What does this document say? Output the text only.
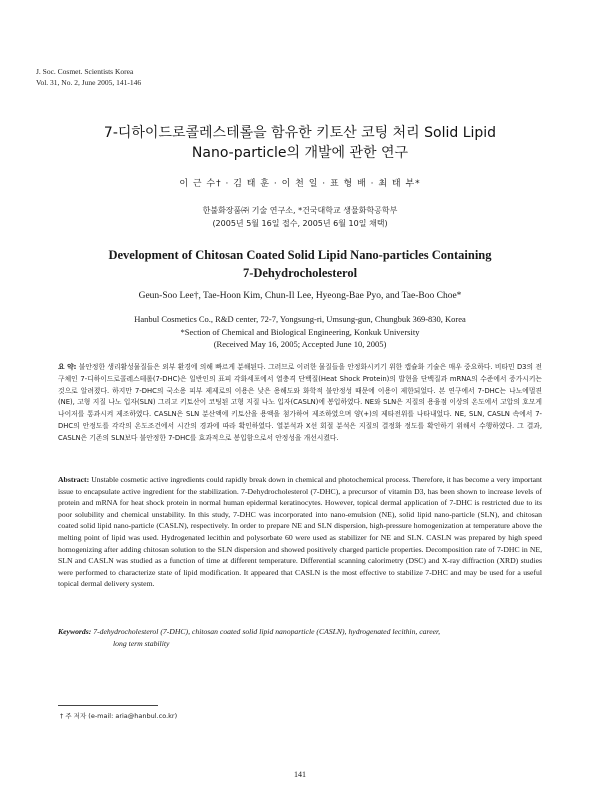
J. Soc. Cosmet. Scientists Korea
Vol. 31, No. 2, June 2005, 141-146
7-디하이드로콜레스테롤을 함유한 키토산 코팅 처리 Solid Lipid
Nano-particle의 개발에 관한 연구
이 근 수† · 김 태 훈 · 이 천 일 · 표 형 배 · 최 태 부*
한불화장품㈜ 기술 연구소, *건국대학교 생물화학공학부
(2005년 5월 16일 접수, 2005년 6월 10일 채택)
Development of Chitosan Coated Solid Lipid Nano-particles Containing
7-Dehydrocholesterol
Geun-Soo Lee†, Tae-Hoon Kim, Chun-Il Lee, Hyeong-Bae Pyo, and Tae-Boo Choe*
Hanbul Cosmetics Co., R&D center, 72-7, Yongsung-ri, Umsung-gun, Chungbuk 369-830, Korea
*Section of Chemical and Biological Engineering, Konkuk University
(Received May 16, 2005; Accepted June 10, 2005)

요 약: 불안정한 생리활성물질들은 외부 환경에 의해 빠르게 분해된다. 그러므로 이러한 물질들을 안정화시키기 위한 캡슐화 기술은 매우 중요하다. 비타민 D3의 전구체인 7-디하이드로콜레스테롤(7-DHC)은 일반인의 표피 각화세포에서 열충격 단백질(Heat Shock Protein)의 발현을 단백질과 mRNA의 수준에서 증가시키는 것으로 알려졌다. 하지만 7-DHC의 국소용 피부 제제로의 이용은 낮은 용해도와 화학적 불안정성 때문에 이용이 제한되었다. 본 연구에서 7-DHC는 나노에멀젼(NE), 고형 지질 나노 입자(SLN) 그리고 키토산이 코팅된 고형 지질 나노 입자(CASLN)에 봉입하였다. NE와 SLN은 지질의 용융점 이상의 온도에서 고압의 호모게나이저를 통과시켜 제조하였다. CASLN은 SLN 분산액에 키토산을 용액을 첨가하여 제조하였으며 양(+)의 제타전위를 나타내었다. NE, SLN, CASLN 속에서 7-DHC의 안정도를 각각의 온도조건에서 시간의 경과에 따라 확인하였다. 열분석과 X선 회절 분석은 지질의 결정화 정도를 확인하기 위해서 수행하였다. 그 결과, CASLN은 기존의 SLN보다 불안정한 7-DHC를 효과적으로 봉입함으로서 안정성을 개선시켰다.

Abstract: Unstable cosmetic active ingredients could rapidly break down in chemical and photochemical process. Therefore, it has become a very important issue to encapsulate active ingredient for the stabilization. 7-Dehydrocholesterol (7-DHC), a precursor of vitamin D3, has been shown to increase levels of protein and mRNA for heat shock protein in normal human epidermal keratinocytes. However, topical dermal application of 7-DHC is restricted due to its poor solubility and chemical unstability. In this study, 7-DHC was incorporated into nano-emulsion (NE), solid lipid nano-particle (SLN), and chitosan coated solid lipid nano-particle (CASLN), respectively. In order to prepare NE and SLN dispersion, high-pressure homogenization at temperature above the melting point of lipid was used. Hydrogenated lecithin and polysorbate 60 were used as stabilizer for NE and SLN. CASLN was prepared by high speed homogenizing after adding chitosan solution to the SLN dispersion and showed positively charged particle properties. Decomposition rate of 7-DHC in NE, SLN and CASLN was studied as a function of time at different temperature. Differential scanning calorimetry (DSC) and X-ray diffraction (XRD) studies were performed to characterize state of lipid modification. It appeared that CASLN is the most effective to stabilize 7-DHC and may be used for a useful topical dermal delivery system.

Keywords: 7-dehydrocholesterol (7-DHC), chitosan coated solid lipid nanoparticle (CASLN), hydrogenated lecithin, career,
long term stability
† 주 저자 (e-mail: aria@hanbul.co.kr)
141
